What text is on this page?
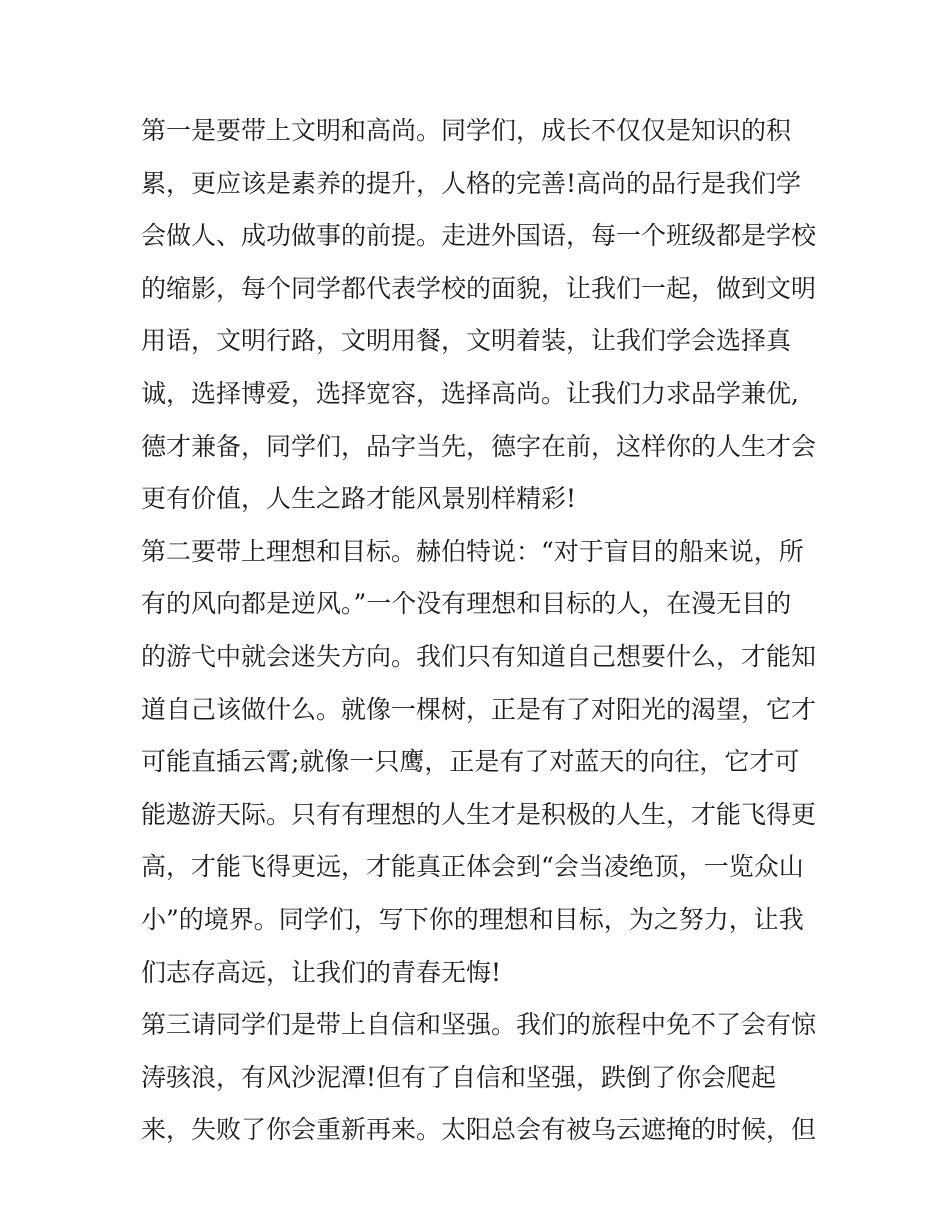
第一是要带上文明和高尚。同学们，成长不仅仅是知识的积
累，更应该是素养的提升，人格的完善!高尚的品行是我们学
会做人、成功做事的前提。走进外国语，每一个班级都是学校
的缩影，每个同学都代表学校的面貌，让我们一起，做到文明
用语，文明行路，文明用餐，文明着装，让我们学会选择真
诚，选择博爱，选择宽容，选择高尚。让我们力求品学兼优,
德才兼备，同学们，品字当先，德字在前，这样你的人生才会
更有价值，人生之路才能风景别样精彩!
第二要带上理想和目标。赫伯特说：“对于盲目的船来说，所
有的风向都是逆风。”一个没有理想和目标的人，在漫无目的
的游弋中就会迷失方向。我们只有知道自己想要什么，才能知
道自己该做什么。就像一棵树，正是有了对阳光的渴望，它才
可能直插云霄;就像一只鹰，正是有了对蓝天的向往，它才可
能遨游天际。只有有理想的人生才是积极的人生，才能飞得更
高，才能飞得更远，才能真正体会到“会当凌绝顶，一览众山
小”的境界。同学们，写下你的理想和目标，为之努力，让我
们志存高远，让我们的青春无悔!
第三请同学们是带上自信和坚强。我们的旅程中免不了会有惊
涛骇浪，有风沙泥潭!但有了自信和坚强，跌倒了你会爬起
来，失败了你会重新再来。太阳总会有被乌云遮掩的时候，但
